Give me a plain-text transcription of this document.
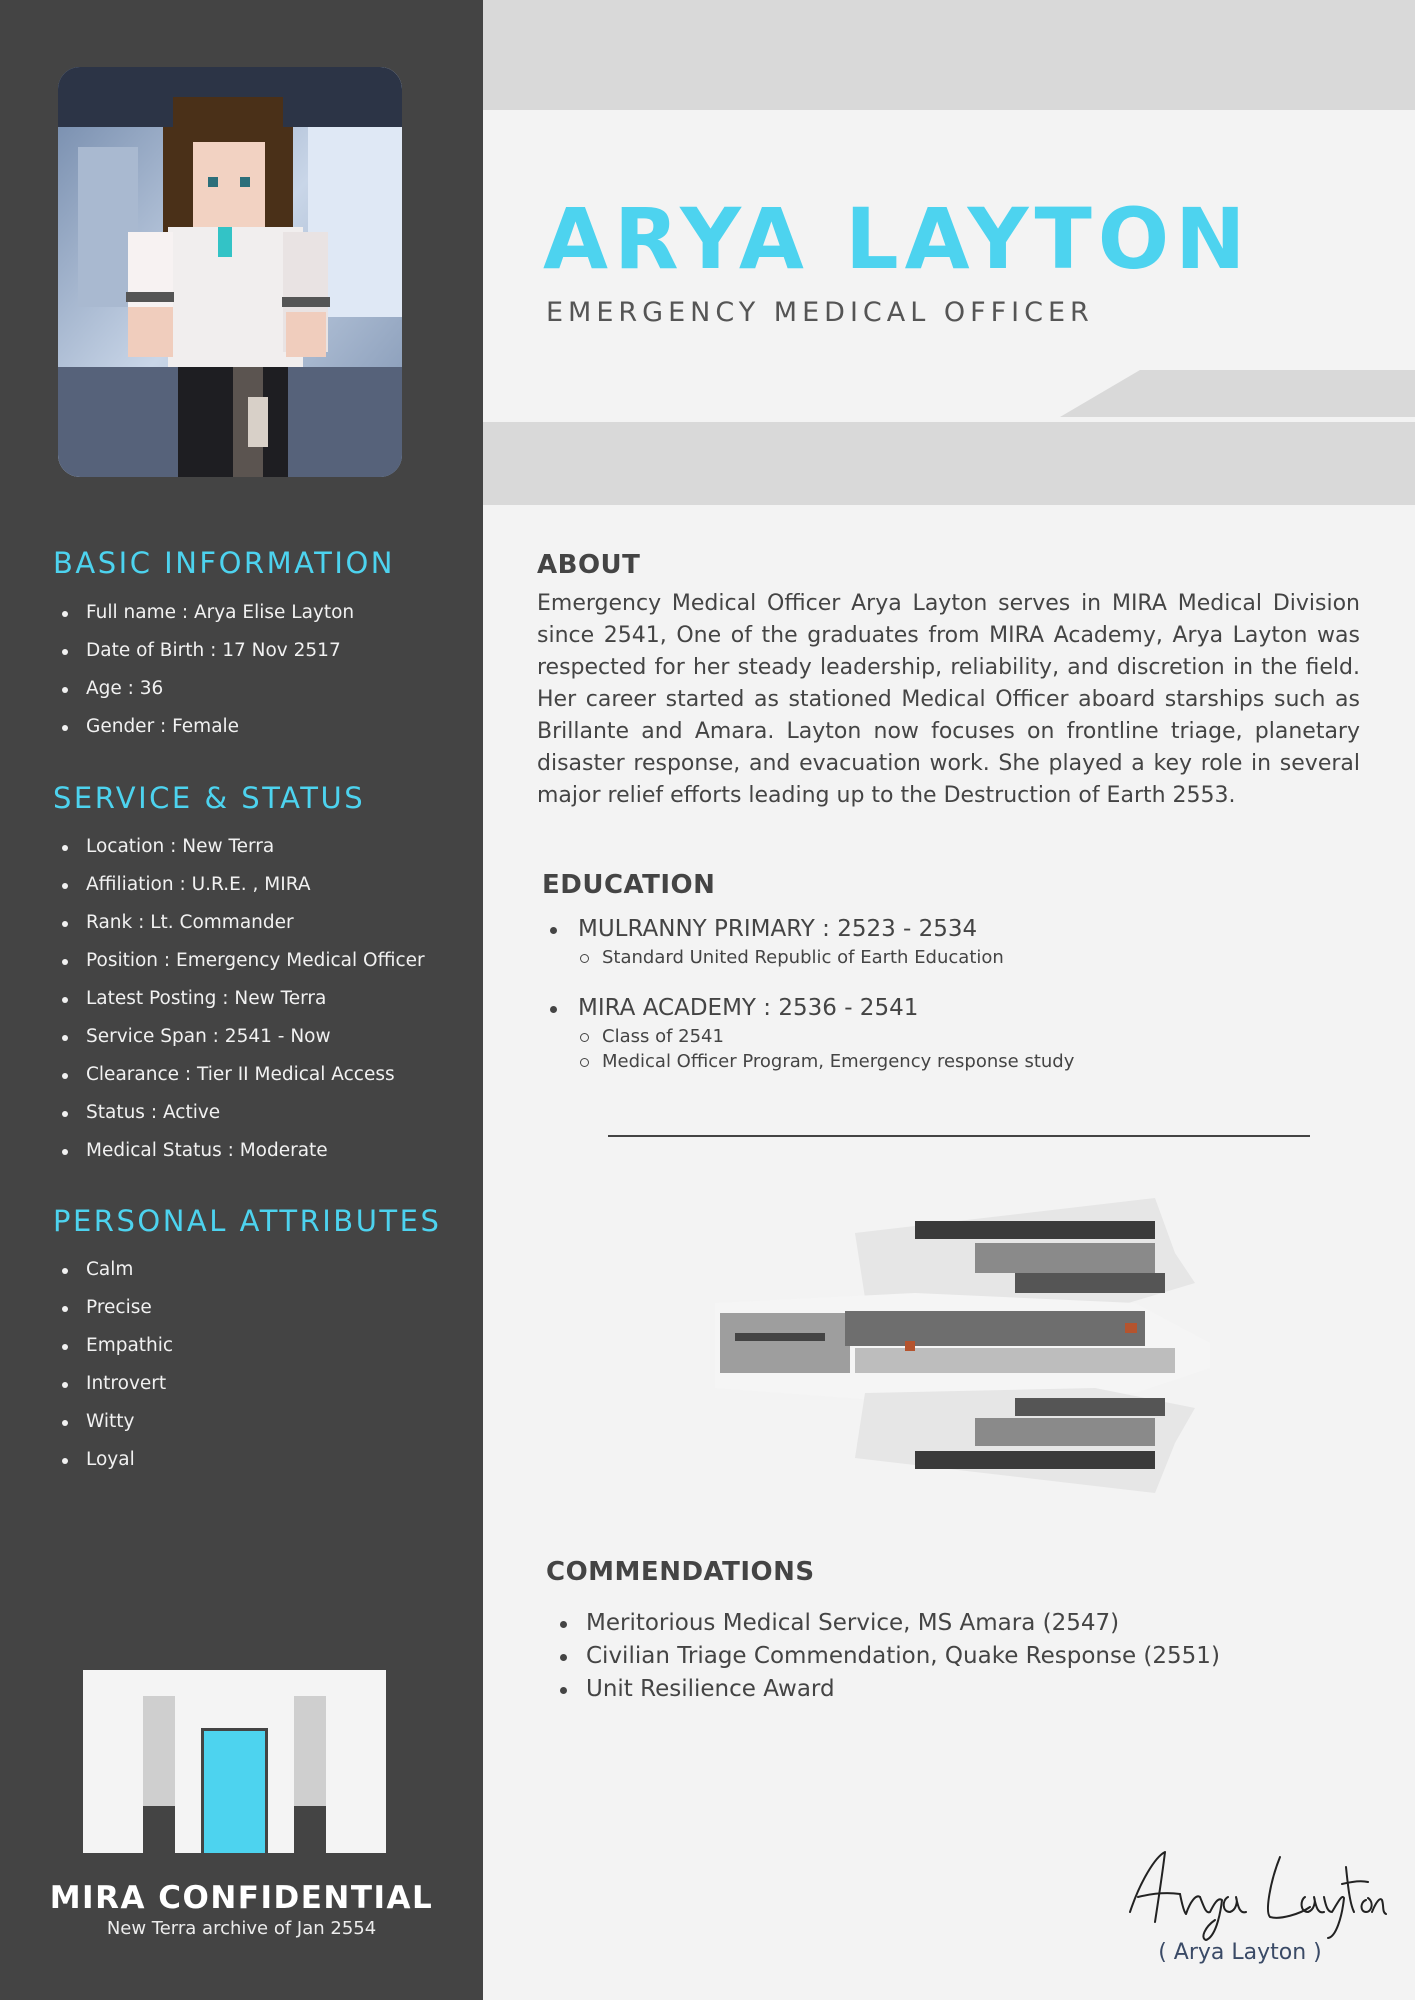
BASIC INFORMATION
Full name : Arya Elise Layton
Date of Birth : 17 Nov 2517
Age : 36
Gender : Female
SERVICE & STATUS
Location : New Terra
Affiliation : U.R.E. , MIRA
Rank : Lt. Commander
Position : Emergency Medical Officer
Latest Posting : New Terra
Service Span : 2541 - Now
Clearance : Tier II Medical Access
Status : Active
Medical Status : Moderate
PERSONAL ATTRIBUTES
Calm
Precise
Empathic
Introvert
Witty
Loyal
MIRA CONFIDENTIAL
New Terra archive of Jan 2554
ARYA LAYTON
EMERGENCY MEDICAL OFFICER
ABOUT

Emergency Medical Officer Arya Layton serves in MIRA Medical Division since 2541, One of the graduates from MIRA Academy, Arya Layton was respected for her steady leadership, reliability, and discretion in the field. Her career started as stationed Medical Officer aboard starships such as Brillante and Amara. Layton now focuses on frontline triage, planetary disaster response, and evacuation work. She played a key role in several major relief efforts leading up to the Destruction of Earth 2553.

EDUCATION
MULRANNY PRIMARY : 2523 - 2534
Standard United Republic of Earth Education
MIRA ACADEMY : 2536 - 2541
Class of 2541
Medical Officer Program, Emergency response study
COMMENDATIONS
Meritorious Medical Service, MS Amara (2547)
Civilian Triage Commendation, Quake Response (2551)
Unit Resilience Award
( Arya Layton )
